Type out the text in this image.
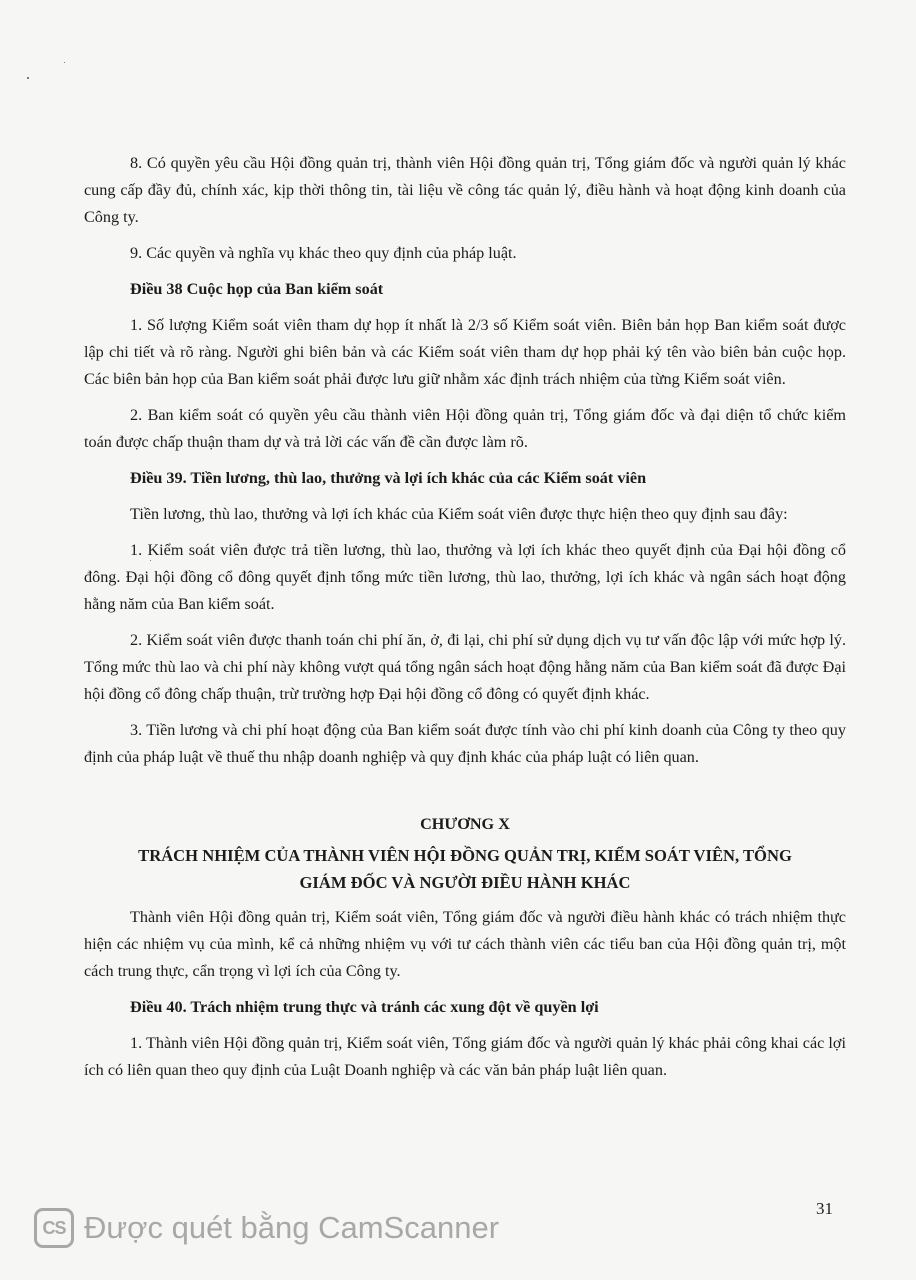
8. Có quyền yêu cầu Hội đồng quản trị, thành viên Hội đồng quản trị, Tổng giám đốc và người quản lý khác cung cấp đầy đủ, chính xác, kịp thời thông tin, tài liệu về công tác quản lý, điều hành và hoạt động kinh doanh của Công ty.

9. Các quyền và nghĩa vụ khác theo quy định của pháp luật.

Điều 38 Cuộc họp của Ban kiểm soát

1. Số lượng Kiểm soát viên tham dự họp ít nhất là 2/3 số Kiểm soát viên. Biên bản họp Ban kiểm soát được lập chi tiết và rõ ràng. Người ghi biên bản và các Kiểm soát viên tham dự họp phải ký tên vào biên bản cuộc họp. Các biên bản họp của Ban kiểm soát phải được lưu giữ nhằm xác định trách nhiệm của từng Kiểm soát viên.

2. Ban kiểm soát có quyền yêu cầu thành viên Hội đồng quản trị, Tổng giám đốc và đại diện tổ chức kiểm toán được chấp thuận tham dự và trả lời các vấn đề cần được làm rõ.

Điều 39. Tiền lương, thù lao, thưởng và lợi ích khác của các Kiểm soát viên

Tiền lương, thù lao, thưởng và lợi ích khác của Kiểm soát viên được thực hiện theo quy định sau đây:

1. Kiểm soát viên được trả tiền lương, thù lao, thưởng và lợi ích khác theo quyết định của Đại hội đồng cổ đông. Đại hội đồng cổ đông quyết định tổng mức tiền lương, thù lao, thưởng, lợi ích khác và ngân sách hoạt động hằng năm của Ban kiểm soát.

2. Kiểm soát viên được thanh toán chi phí ăn, ở, đi lại, chi phí sử dụng dịch vụ tư vấn độc lập với mức hợp lý. Tổng mức thù lao và chi phí này không vượt quá tổng ngân sách hoạt động hằng năm của Ban kiểm soát đã được Đại hội đồng cổ đông chấp thuận, trừ trường hợp Đại hội đồng cổ đông có quyết định khác.

3. Tiền lương và chi phí hoạt động của Ban kiểm soát được tính vào chi phí kinh doanh của Công ty theo quy định của pháp luật về thuế thu nhập doanh nghiệp và quy định khác của pháp luật có liên quan.

CHƯƠNG X
TRÁCH NHIỆM CỦA THÀNH VIÊN HỘI ĐỒNG QUẢN TRỊ, KIỂM SOÁT VIÊN, TỔNG
GIÁM ĐỐC VÀ NGƯỜI ĐIỀU HÀNH KHÁC

Thành viên Hội đồng quản trị, Kiểm soát viên, Tổng giám đốc và người điều hành khác có trách nhiệm thực hiện các nhiệm vụ của mình, kể cả những nhiệm vụ với tư cách thành viên các tiểu ban của Hội đồng quản trị, một cách trung thực, cẩn trọng vì lợi ích của Công ty.

Điều 40. Trách nhiệm trung thực và tránh các xung đột về quyền lợi

1. Thành viên Hội đồng quản trị, Kiểm soát viên, Tổng giám đốc và người quản lý khác phải công khai các lợi ích có liên quan theo quy định của Luật Doanh nghiệp và các văn bản pháp luật liên quan.

31
CS Được quét bằng CamScanner
